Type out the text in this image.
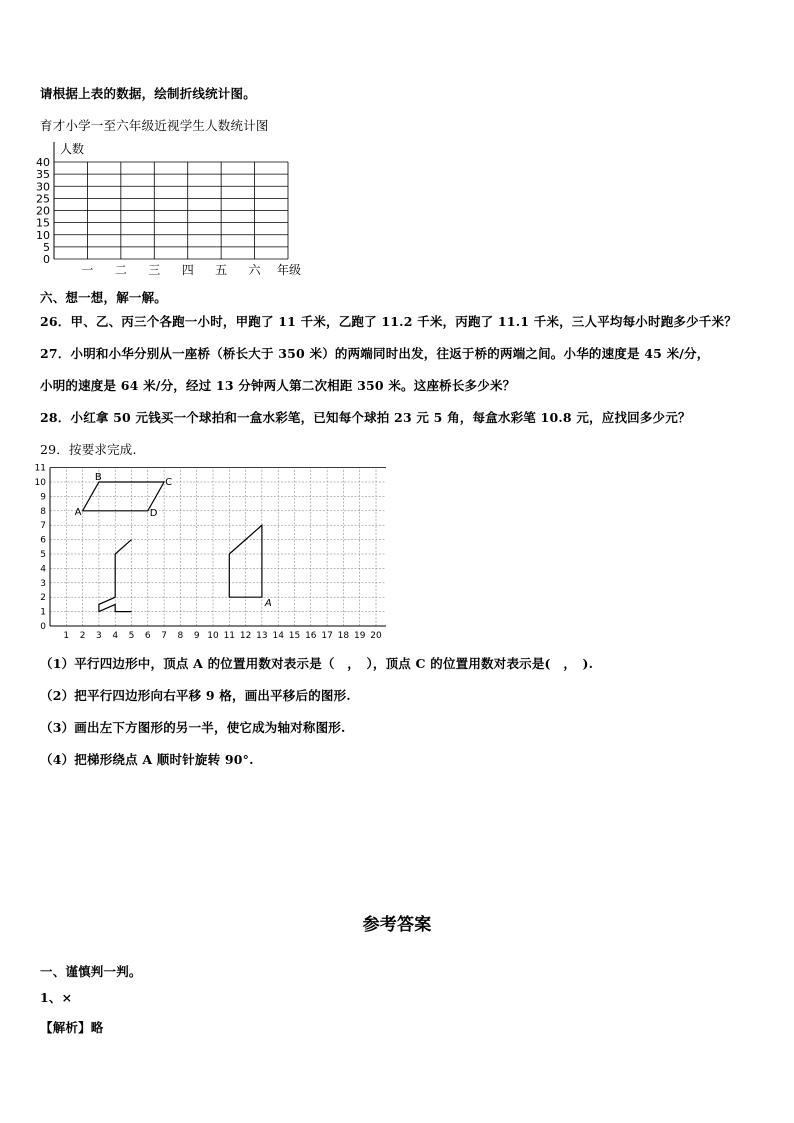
请根据上表的数据，绘制折线统计图。
育才小学一至六年级近视学生人数统计图
人数
0
5
10
15
20
25
30
35
40
一 二 三 四 五 六 年级
六、想一想，解一解。
26．甲、乙、丙三个各跑一小时，甲跑了 11 千米，乙跑了 11.2 千米，丙跑了 11.1 千米，三人平均每小时跑多少千米？
27．小明和小华分别从一座桥（桥长大于 350 米）的两端同时出发，往返于桥的两端之间。小华的速度是 45 米/分，
小明的速度是 64 米/分，经过 13 分钟两人第二次相距 350 米。这座桥长多少米？
28．小红拿 50 元钱买一个球拍和一盒水彩笔，已知每个球拍 23 元 5 角，每盒水彩笔 10.8 元，应找回多少元？
29．按要求完成.
1 2 3 4 5 6 7 8 9 10 11 12 13 14 15 16 17 18 19 20
0
1
2
3
4
5
6
7
8
9
10
11
A
B	C
D
A
（1）平行四边形中，顶点 A 的位置用数对表示是（　，　），顶点 C 的位置用数对表示是(　，　).
（2）把平行四边形向右平移 9 格，画出平移后的图形.
（3）画出左下方图形的另一半，使它成为轴对称图形.
（4）把梯形绕点 A 顺时针旋转 90°.
参考答案
一、谨慎判一判。
1、×
【解析】略
